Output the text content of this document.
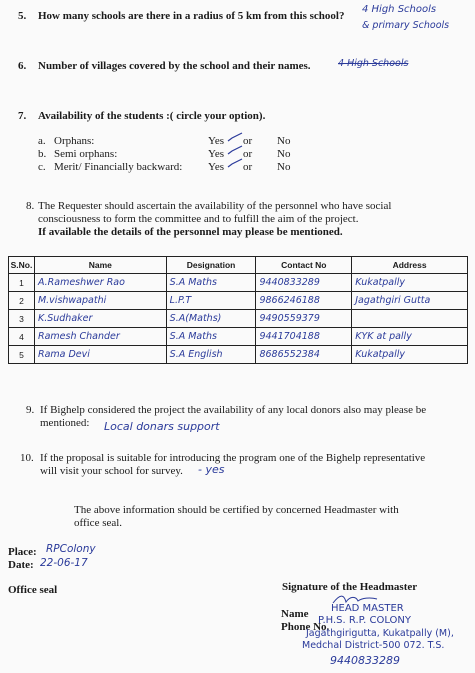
5. How many schools are there in a radius of 5 km from this school?
4 High Schools
& primary Schools
6. Number of villages covered by the school and their names.	4 High Schools
7. Availability of the students :( circle your option).
a. Orphans:	Yes or No
b. Semi orphans:	Yes or No
c. Merit/ Financially backward: Yes or No
8. The Requester should ascertain the availability of the personnel who have social
consciousness to form the committee and to fulfill the aim of the project.
If available the details of the personnel may please be mentioned.
S.No.	Name	Designation	Contact No	Address
1	A.Rameshwer Rao	S.A Maths	9440833289	Kukatpally
2	M.vishwapathi	L.P.T	9866246188	Jagathgiri Gutta
3	K.Sudhaker	S.A(Maths)	9490559379	
4	Ramesh Chander	S.A Maths	9441704188	KYK at pally
5	Rama Devi	S.A English	8686552384	Kukatpally
9. If Bighelp considered the project the availability of any local donors also may please be
mentioned: Local donars support
10. If the proposal is suitable for introducing the program one of the Bighelp representative
will visit your school for survey. - yes
The above information should be certified by concerned Headmaster with
office seal.
Place: RPColony
Date: 22-06-17
Office seal	Signature of the Headmaster
Name
Phone No.
HEAD MASTER
P.H.S. R.P. COLONY
Jagathgirigutta, Kukatpally (M),
Medchal District-500 072. T.S.
9440833289
